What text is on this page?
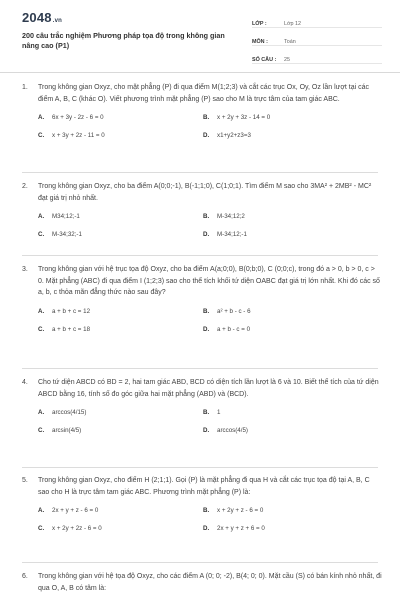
2048.vn
200 câu trắc nghiệm Phương pháp tọa độ trong không gian nâng cao (P1)
LỚP :	Lớp 12
MÔN :	Toán
SỐ CÂU :	25
1.	Trong không gian Oxyz, cho mặt phẳng (P) đi qua điểm M(1;2;3) và cắt các trục Ox, Oy, Oz lần lượt tại các điểm A, B, C (khác O). Viết phương trình mặt phẳng (P) sao cho M là trực tâm của tam giác ABC.
A.	6x + 3y - 2z - 6 = 0	B.	x + 2y + 3z - 14 = 0
C.	x + 3y + 2z - 11 = 0	D.	x1+y2+z3=3
2.	Trong không gian Oxyz, cho ba điểm A(0;0;-1), B(-1;1;0), C(1;0;1). Tìm điểm M sao cho 3MA² + 2MB² - MC² đạt giá trị nhỏ nhất.
A.	M34;12;-1	B.	M-34;12;2
C.	M-34;32;-1	D.	M-34;12;-1
3.	Trong không gian với hệ trục tọa độ Oxyz, cho ba điểm A(a;0;0), B(0;b;0), C (0;0;c), trong đó a > 0, b > 0, c > 0. Mặt phẳng (ABC) đi qua điểm I (1;2;3) sao cho thể tích khối tứ diện OABC đạt giá trị lớn nhất. Khi đó các số a, b, c thỏa mãn đẳng thức nào sau đây?
A.	a + b + c = 12	B.	a² + b - c - 6
C.	a + b + c = 18	D.	a + b - c = 0
4.	Cho tứ diện ABCD có BD = 2, hai tam giác ABD, BCD có diện tích lần lượt là 6 và 10. Biết thể tích của tứ diện ABCD bằng 16, tính số đo góc giữa hai mặt phẳng (ABD) và (BCD).
A.	arccos(4/15)	B.	1
C.	arcsin(4/5)	D.	arccos(4/5)
5.	Trong không gian Oxyz, cho điểm H (2;1;1). Gọi (P) là mặt phẳng đi qua H và cắt các trục tọa độ tại A, B, C sao cho H là trực tâm tam giác ABC. Phương trình mặt phẳng (P) là:
A.	2x + y + z - 6 = 0	B.	x + 2y + z - 6 = 0
C.	x + 2y + 2z - 6 = 0	D.	2x + y + z + 6 = 0
6.	Trong không gian với hệ tọa độ Oxyz, cho các điểm A (0; 0; -2), B(4; 0; 0). Mặt cầu (S) có bán kính nhỏ nhất, đi qua O, A, B có tâm là:
